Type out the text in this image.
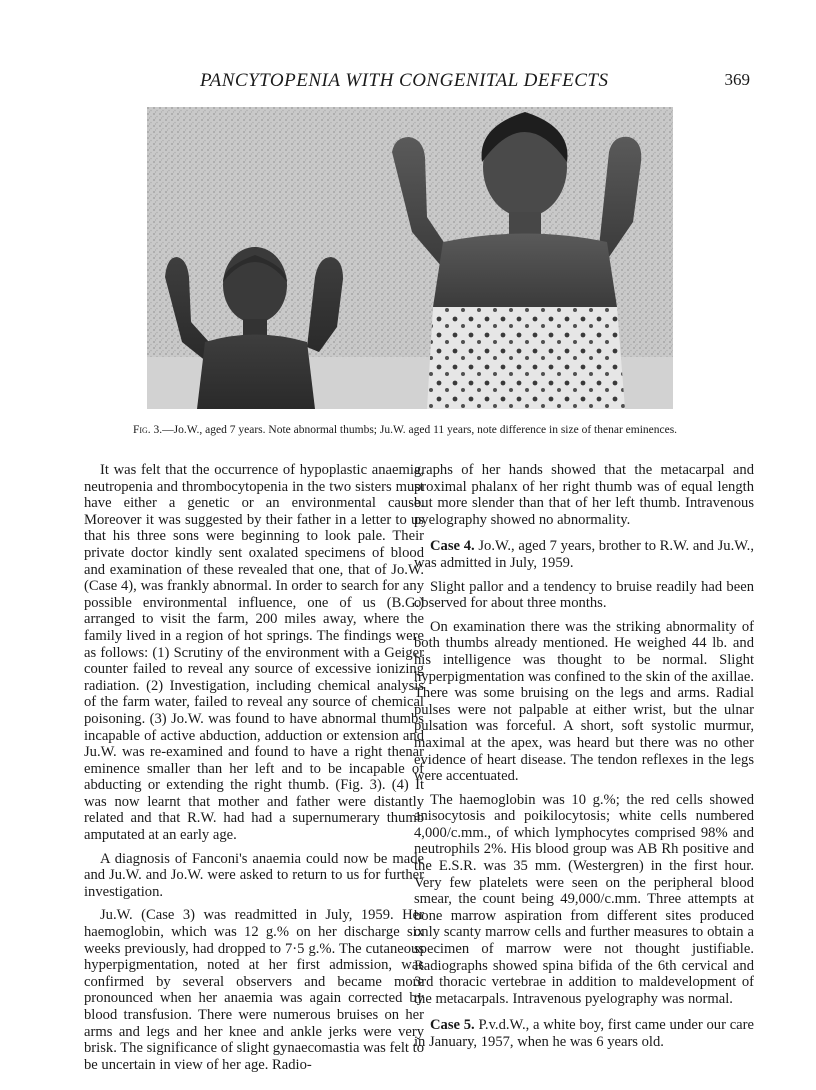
PANCYTOPENIA WITH CONGENITAL DEFECTS	369
Fig. 3.—Jo.W., aged 7 years. Note abnormal thumbs; Ju.W. aged 11 years, note difference in size of thenar eminences.

It was felt that the occurrence of hypoplastic anaemia, neutropenia and thrombocytopenia in the two sisters must have either a genetic or an environmental cause. Moreover it was suggested by their father in a letter to us that his three sons were beginning to look pale. Their private doctor kindly sent oxalated specimens of blood and examination of these revealed that one, that of Jo.W. (Case 4), was frankly abnormal. In order to search for any possible environmental influence, one of us (B.G.) arranged to visit the farm, 200 miles away, where the family lived in a region of hot springs. The findings were as follows: (1) Scrutiny of the environment with a Geiger counter failed to reveal any source of excessive ionizing radiation. (2) Investigation, including chemical analysis of the farm water, failed to reveal any source of chemical poisoning. (3) Jo.W. was found to have abnormal thumbs incapable of active abduction, adduction or extension and Ju.W. was re-examined and found to have a right thenar eminence smaller than her left and to be incapable of abducting or extending the right thumb. (Fig. 3). (4) It was now learnt that mother and father were distantly related and that R.W. had had a supernumerary thumb amputated at an early age.

A diagnosis of Fanconi's anaemia could now be made and Ju.W. and Jo.W. were asked to return to us for further investigation.

Ju.W. (Case 3) was readmitted in July, 1959. Her haemoglobin, which was 12 g.% on her discharge six weeks previously, had dropped to 7·5 g.%. The cutaneous hyperpigmentation, noted at her first admission, was confirmed by several observers and became more pronounced when her anaemia was again corrected by blood transfusion. There were numerous bruises on her arms and legs and her knee and ankle jerks were very brisk. The significance of slight gynaecomastia was felt to be uncertain in view of her age. Radio-

graphs of her hands showed that the metacarpal and proximal phalanx of her right thumb was of equal length but more slender than that of her left thumb. Intravenous pyelography showed no abnormality.

Case 4. Jo.W., aged 7 years, brother to R.W. and Ju.W., was admitted in July, 1959.

Slight pallor and a tendency to bruise readily had been observed for about three months.

On examination there was the striking abnormality of both thumbs already mentioned. He weighed 44 lb. and his intelligence was thought to be normal. Slight hyperpigmentation was confined to the skin of the axillae. There was some bruising on the legs and arms. Radial pulses were not palpable at either wrist, but the ulnar pulsation was forceful. A short, soft systolic murmur, maximal at the apex, was heard but there was no other evidence of heart disease. The tendon reflexes in the legs were accentuated.

The haemoglobin was 10 g.%; the red cells showed anisocytosis and poikilocytosis; white cells numbered 4,000/c.mm., of which lymphocytes comprised 98% and neutrophils 2%. His blood group was AB Rh positive and the E.S.R. was 35 mm. (Westergren) in the first hour. Very few platelets were seen on the peripheral blood smear, the count being 49,000/c.mm. Three attempts at bone marrow aspiration from different sites produced only scanty marrow cells and further measures to obtain a specimen of marrow were not thought justifiable. Radiographs showed spina bifida of the 6th cervical and 3rd thoracic vertebrae in addition to maldevelopment of the metacarpals. Intravenous pyelography was normal.

Case 5. P.v.d.W., a white boy, first came under our care in January, 1957, when he was 6 years old.
